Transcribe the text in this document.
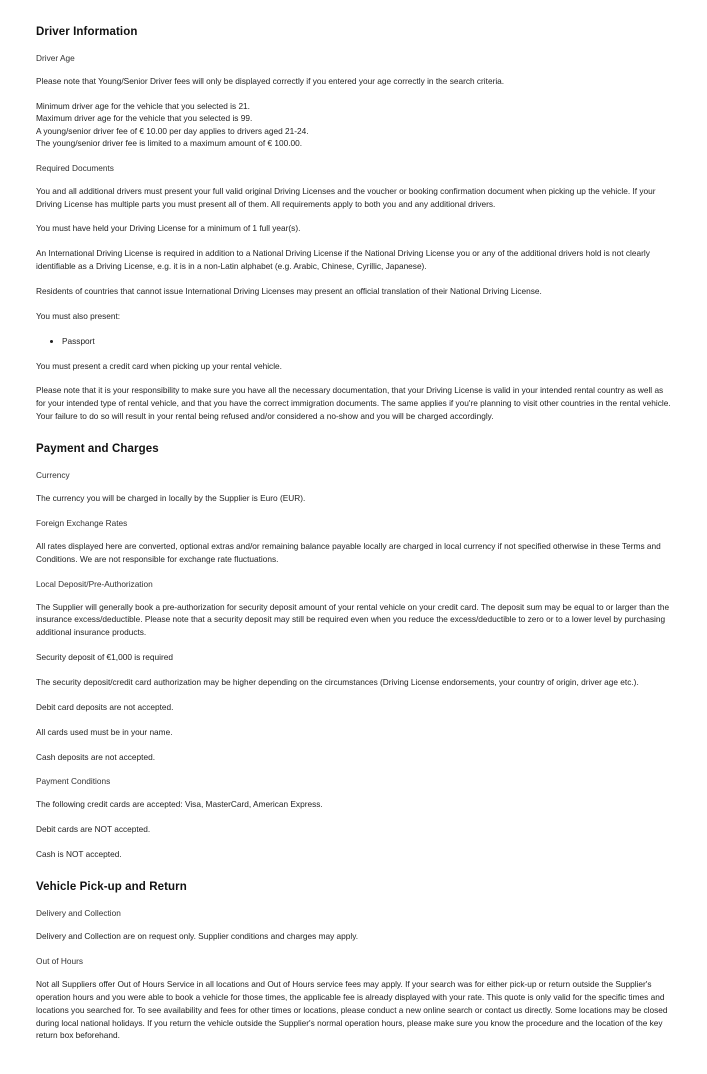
Driver Information
Driver Age

Please note that Young/Senior Driver fees will only be displayed correctly if you entered your age correctly in the search criteria.

Minimum driver age for the vehicle that you selected is 21.
Maximum driver age for the vehicle that you selected is 99.
A young/senior driver fee of € 10.00 per day applies to drivers aged 21-24.
The young/senior driver fee is limited to a maximum amount of € 100.00.
Required Documents

You and all additional drivers must present your full valid original Driving Licenses and the voucher or booking confirmation document when picking up the vehicle. If your Driving License has multiple parts you must present all of them. All requirements apply to both you and any additional drivers.

You must have held your Driving License for a minimum of 1 full year(s).

An International Driving License is required in addition to a National Driving License if the National Driving License you or any of the additional drivers hold is not clearly identifiable as a Driving License, e.g. it is in a non-Latin alphabet (e.g. Arabic, Chinese, Cyrillic, Japanese).

Residents of countries that cannot issue International Driving Licenses may present an official translation of their National Driving License.

You must also present:

• Passport

You must present a credit card when picking up your rental vehicle.

Please note that it is your responsibility to make sure you have all the necessary documentation, that your Driving License is valid in your intended rental country as well as for your intended type of rental vehicle, and that you have the correct immigration documents. The same applies if you're planning to visit other countries in the rental vehicle. Your failure to do so will result in your rental being refused and/or considered a no-show and you will be charged accordingly.

Payment and Charges
Currency

The currency you will be charged in locally by the Supplier is Euro (EUR).

Foreign Exchange Rates

All rates displayed here are converted, optional extras and/or remaining balance payable locally are charged in local currency if not specified otherwise in these Terms and Conditions. We are not responsible for exchange rate fluctuations.

Local Deposit/Pre-Authorization

The Supplier will generally book a pre-authorization for security deposit amount of your rental vehicle on your credit card. The deposit sum may be equal to or larger than the insurance excess/deductible. Please note that a security deposit may still be required even when you reduce the excess/deductible to zero or to a lower level by purchasing additional insurance products.

Security deposit of €1,000 is required

The security deposit/credit card authorization may be higher depending on the circumstances (Driving License endorsements, your country of origin, driver age etc.).

Debit card deposits are not accepted.

All cards used must be in your name.

Cash deposits are not accepted.

Payment Conditions

The following credit cards are accepted: Visa, MasterCard, American Express.

Debit cards are NOT accepted.

Cash is NOT accepted.

Vehicle Pick-up and Return
Delivery and Collection

Delivery and Collection are on request only. Supplier conditions and charges may apply.

Out of Hours

Not all Suppliers offer Out of Hours Service in all locations and Out of Hours service fees may apply. If your search was for either pick-up or return outside the Supplier's operation hours and you were able to book a vehicle for those times, the applicable fee is already displayed with your rate. This quote is only valid for the specific times and locations you searched for. To see availability and fees for other times or locations, please conduct a new online search or contact us directly. Some locations may be closed during local national holidays. If you return the vehicle outside the Supplier's normal operation hours, please make sure you know the procedure and the location of the key return box beforehand.
